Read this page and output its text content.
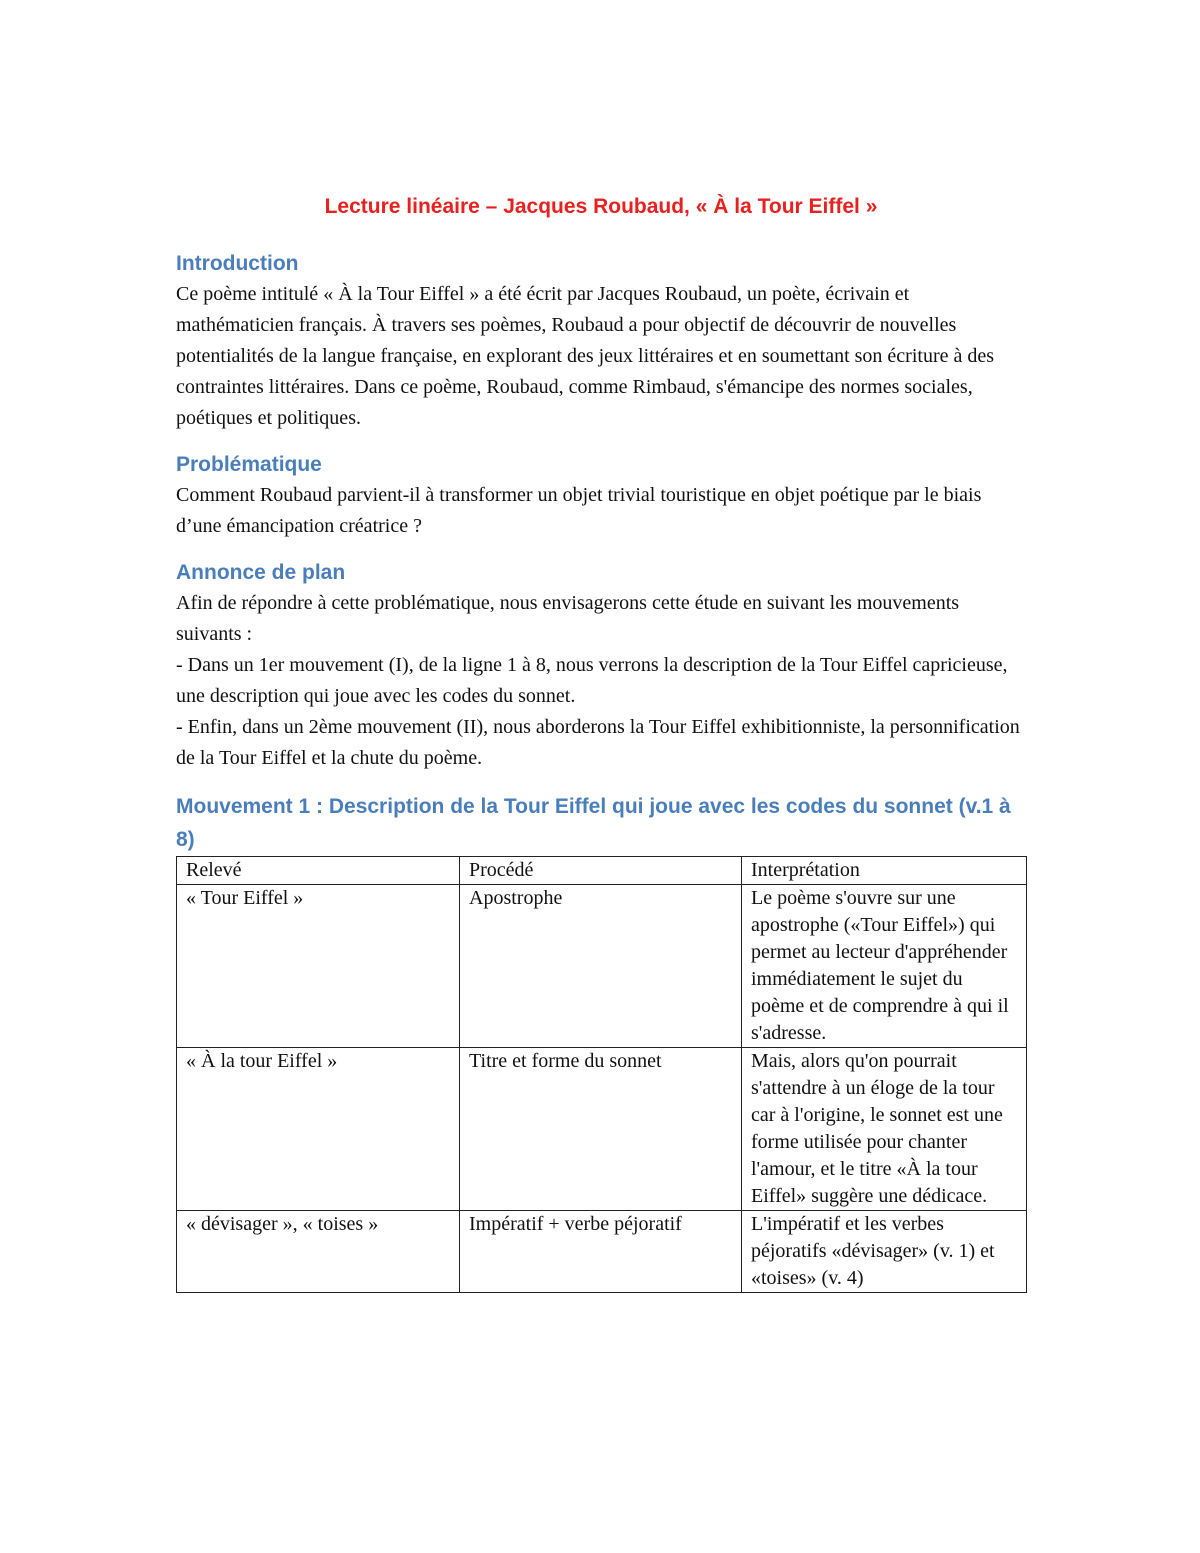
Lecture linéaire – Jacques Roubaud, « À la Tour Eiffel »
Introduction
Ce poème intitulé « À la Tour Eiffel » a été écrit par Jacques Roubaud, un poète, écrivain et mathématicien français. À travers ses poèmes, Roubaud a pour objectif de découvrir de nouvelles potentialités de la langue française, en explorant des jeux littéraires et en soumettant son écriture à des contraintes littéraires. Dans ce poème, Roubaud, comme Rimbaud, s'émancipe des normes sociales, poétiques et politiques.
Problématique
Comment Roubaud parvient-il à transformer un objet trivial touristique en objet poétique par le biais d’une émancipation créatrice ?
Annonce de plan

Afin de répondre à cette problématique, nous envisagerons cette étude en suivant les mouvements suivants :

- Dans un 1er mouvement (I), de la ligne 1 à 8, nous verrons la description de la Tour Eiffel capricieuse, une description qui joue avec les codes du sonnet.

- Enfin, dans un 2ème mouvement (II), nous aborderons la Tour Eiffel exhibitionniste, la personnification de la Tour Eiffel et la chute du poème.

Mouvement 1 : Description de la Tour Eiffel qui joue avec les codes du sonnet (v.1 à 8)
Relevé	Procédé	Interprétation
« Tour Eiffel »	Apostrophe	Le poème s'ouvre sur une apostrophe («Tour Eiffel») qui permet au lecteur d'appréhender immédiatement le sujet du poème et de comprendre à qui il s'adresse.
« À la tour Eiffel »	Titre et forme du sonnet	Mais, alors qu'on pourrait s'attendre à un éloge de la tour car à l'origine, le sonnet est une forme utilisée pour chanter l'amour, et le titre «À la tour Eiffel» suggère une dédicace.
« dévisager », « toises »	Impératif + verbe péjoratif	L'impératif et les verbes péjoratifs «dévisager» (v. 1) et «toises» (v. 4)
